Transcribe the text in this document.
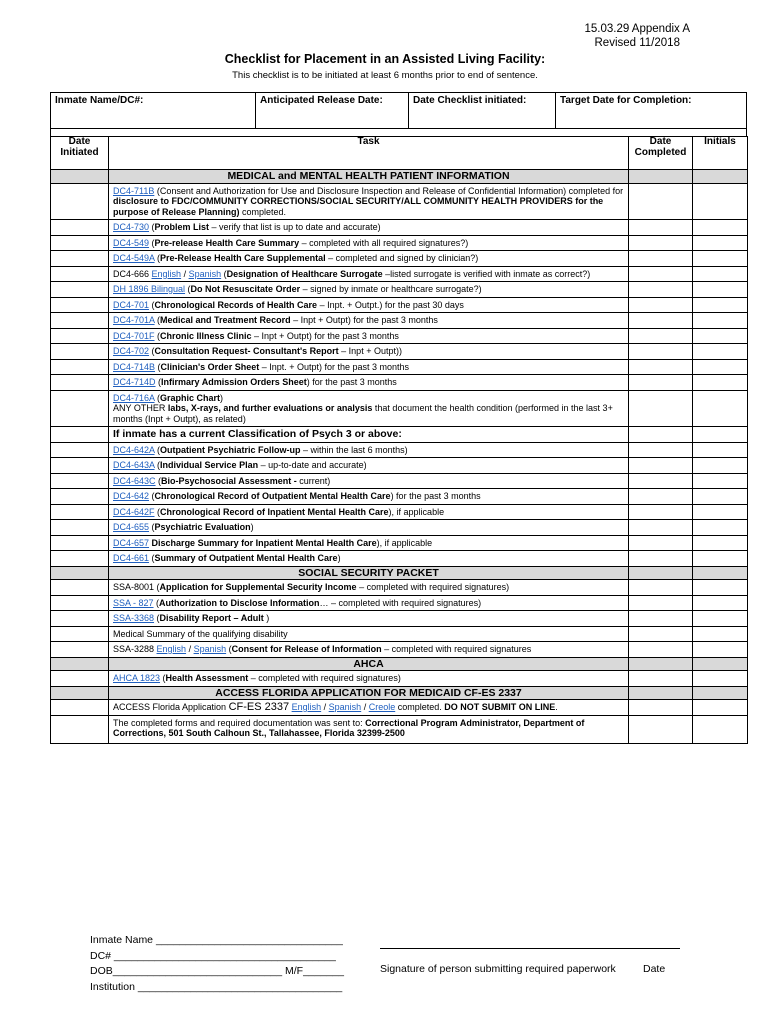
15.03.29 Appendix A
Revised 11/2018
Checklist for Placement in an Assisted Living Facility:
This checklist is to be initiated at least 6 months prior to end of sentence.
Inmate Name/DC#:	Anticipated Release Date:	Date Checklist initiated:	Target Date for Completion:
Date Initiated	Task	Date Completed	Initials
	MEDICAL and MENTAL HEALTH PATIENT INFORMATION		
	DC4-711B (Consent and Authorization for Use and Disclosure Inspection and Release of Confidential Information) completed for disclosure to FDC/COMMUNITY CORRECTIONS/SOCIAL SECURITY/ALL COMMUNITY HEALTH PROVIDERS for the purpose of Release Planning) completed.		
	DC4-730 (Problem List – verify that list is up to date and accurate)		
	DC4-549 (Pre-release Health Care Summary – completed with all required signatures?)		
	DC4-549A (Pre-Release Health Care Supplemental – completed and signed by clinician?)		
	DC4-666 English / Spanish (Designation of Healthcare Surrogate –listed surrogate is verified with inmate as correct?)		
	DH 1896 Bilingual (Do Not Resuscitate Order – signed by inmate or healthcare surrogate?)		
	DC4-701 (Chronological Records of Health Care – Inpt. + Outpt.) for the past 30 days		
	DC4-701A (Medical and Treatment Record – Inpt + Outpt) for the past 3 months		
	DC4-701F (Chronic Illness Clinic – Inpt + Outpt) for the past 3 months		
	DC4-702 (Consultation Request- Consultant's Report – Inpt + Outpt))		
	DC4-714B (Clinician's Order Sheet – Inpt. + Outpt) for the past 3 months		
	DC4-714D (Infirmary Admission Orders Sheet) for the past 3 months		
	DC4-716A (Graphic Chart)
ANY OTHER labs, X-rays, and further evaluations or analysis that document the health condition (performed in the last 3+ months (Inpt + Outpt), as related)		
	If inmate has a current Classification of Psych 3 or above:		
	DC4-642A (Outpatient Psychiatric Follow-up – within the last 6 months)		
	DC4-643A (Individual Service Plan – up-to-date and accurate)		
	DC4-643C (Bio-Psychosocial Assessment - current)		
	DC4-642 (Chronological Record of Outpatient Mental Health Care) for the past 3 months		
	DC4-642F (Chronological Record of Inpatient Mental Health Care), if applicable		
	DC4-655 (Psychiatric Evaluation)		
	DC4-657 Discharge Summary for Inpatient Mental Health Care), if applicable		
	DC4-661 (Summary of Outpatient Mental Health Care)		
	SOCIAL SECURITY PACKET		
	SSA-8001 (Application for Supplemental Security Income – completed with required signatures)		
	SSA - 827 (Authorization to Disclose Information… – completed with required signatures)		
	SSA-3368 (Disability Report – Adult )		
	Medical Summary of the qualifying disability		
	SSA-3288 English / Spanish (Consent for Release of Information – completed with required signatures		
	AHCA		
	AHCA 1823 (Health Assessment – completed with required signatures)		
	ACCESS FLORIDA APPLICATION FOR MEDICAID CF-ES 2337		
	ACCESS Florida Application CF-ES 2337 English / Spanish / Creole completed. DO NOT SUBMIT ON LINE.		
	The completed forms and required documentation was sent to: Correctional Program Administrator, Department of Corrections, 501 South Calhoun St., Tallahassee, Florida 32399-2500		
Inmate Name ________________________________
DC# ______________________________________
DOB_____________________________ M/F_______
Institution ___________________________________
Signature of person submitting required paperwork	Date
